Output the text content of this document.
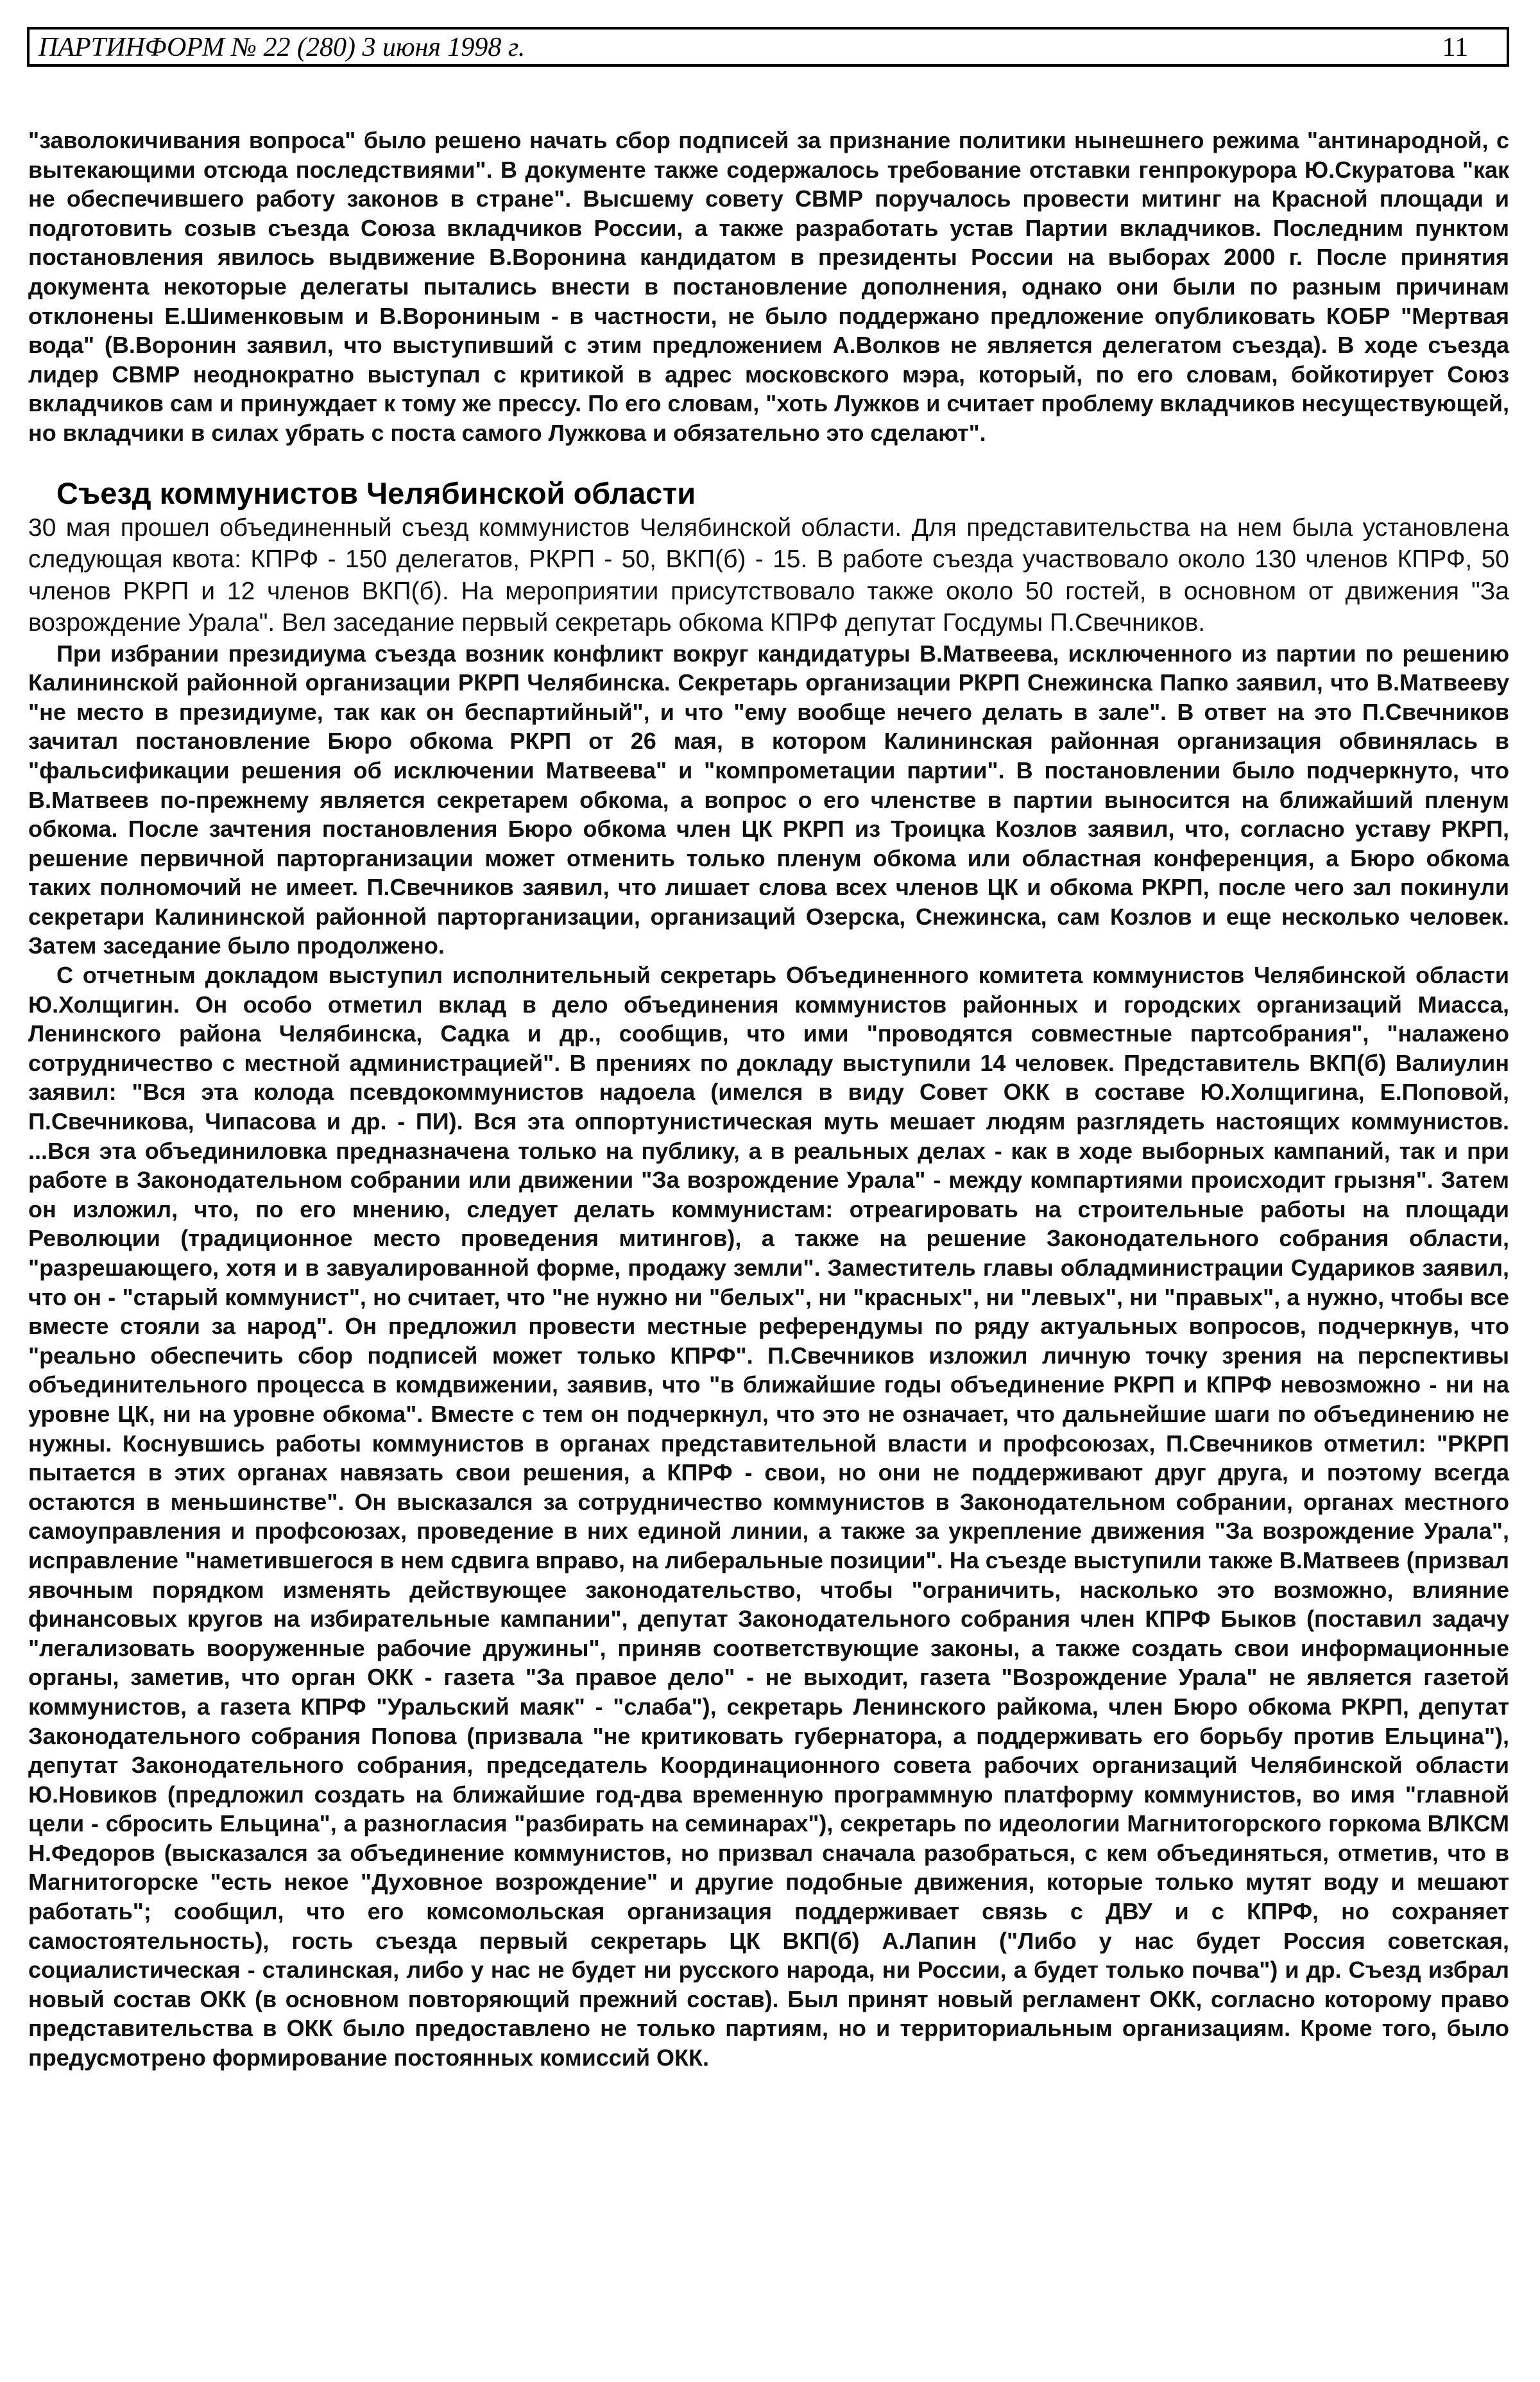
ПАРТИНФОРМ № 22 (280) 3 июня 1998 г.	11

"заволокичивания вопроса" было решено начать сбор подписей за признание политики нынешнего режима "антинародной, с вытекающими отсюда последствиями". В документе также содержалось требование отставки генпрокурора Ю.Скуратова "как не обеспечившего работу законов в стране". Высшему совету СВМР поручалось провести митинг на Красной площади и подготовить созыв съезда Союза вкладчиков России, а также разработать устав Партии вкладчиков. Последним пунктом постановления явилось выдвижение В.Воронина кандидатом в президенты России на выборах 2000 г. После принятия документа некоторые делегаты пытались внести в постановление дополнения, однако они были по разным причинам отклонены Е.Шименковым и В.Ворониным - в частности, не было поддержано предложение опубликовать КОБР "Мертвая вода" (В.Воронин заявил, что выступивший с этим предложением А.Волков не является делегатом съезда). В ходе съезда лидер СВМР неоднократно выступал с критикой в адрес московского мэра, который, по его словам, бойкотирует Союз вкладчиков сам и принуждает к тому же прессу. По его словам, "хоть Лужков и считает проблему вкладчиков несуществующей, но вкладчики в силах убрать с поста самого Лужкова и обязательно это сделают".

Съезд коммунистов Челябинской области

30 мая прошел объединенный съезд коммунистов Челябинской области. Для представительства на нем была установлена следующая квота: КПРФ - 150 делегатов, РКРП - 50, ВКП(б) - 15. В работе съезда участвовало около 130 членов КПРФ, 50 членов РКРП и 12 членов ВКП(б). На мероприятии присутствовало также около 50 гостей, в основном от движения "За возрождение Урала". Вел заседание первый секретарь обкома КПРФ депутат Госдумы П.Свечников.

При избрании президиума съезда возник конфликт вокруг кандидатуры В.Матвеева, исключенного из партии по решению Калининской районной организации РКРП Челябинска. Секретарь организации РКРП Снежинска Папко заявил, что В.Матвееву "не место в президиуме, так как он беспартийный", и что "ему вообще нечего делать в зале". В ответ на это П.Свечников зачитал постановление Бюро обкома РКРП от 26 мая, в котором Калининская районная организация обвинялась в "фальсификации решения об исключении Матвеева" и "компрометации партии". В постановлении было подчеркнуто, что В.Матвеев по-прежнему является секретарем обкома, а вопрос о его членстве в партии выносится на ближайший пленум обкома. После зачтения постановления Бюро обкома член ЦК РКРП из Троицка Козлов заявил, что, согласно уставу РКРП, решение первичной парторганизации может отменить только пленум обкома или областная конференция, а Бюро обкома таких полномочий не имеет. П.Свечников заявил, что лишает слова всех членов ЦК и обкома РКРП, после чего зал покинули секретари Калининской районной парторганизации, организаций Озерска, Снежинска, сам Козлов и еще несколько человек. Затем заседание было продолжено.

С отчетным докладом выступил исполнительный секретарь Объединенного комитета коммунистов Челябинской области Ю.Холщигин. Он особо отметил вклад в дело объединения коммунистов районных и городских организаций Миасса, Ленинского района Челябинска, Садка и др., сообщив, что ими "проводятся совместные партсобрания", "налажено сотрудничество с местной администрацией". В прениях по докладу выступили 14 человек. Представитель ВКП(б) Валиулин заявил: "Вся эта колода псевдокоммунистов надоела (имелся в виду Совет ОКК в составе Ю.Холщигина, Е.Поповой, П.Свечникова, Чипасова и др. - ПИ). Вся эта оппортунистическая муть мешает людям разглядеть настоящих коммунистов. ...Вся эта объединиловка предназначена только на публику, а в реальных делах - как в ходе выборных кампаний, так и при работе в Законодательном собрании или движении "За возрождение Урала" - между компартиями происходит грызня". Затем он изложил, что, по его мнению, следует делать коммунистам: отреагировать на строительные работы на площади Революции (традиционное место проведения митингов), а также на решение Законодательного собрания области, "разрешающего, хотя и в завуалированной форме, продажу земли". Заместитель главы обладминистрации Судариков заявил, что он - "старый коммунист", но считает, что "не нужно ни "белых", ни "красных", ни "левых", ни "правых", а нужно, чтобы все вместе стояли за народ". Он предложил провести местные референдумы по ряду актуальных вопросов, подчеркнув, что "реально обеспечить сбор подписей может только КПРФ". П.Свечников изложил личную точку зрения на перспективы объединительного процесса в комдвижении, заявив, что "в ближайшие годы объединение РКРП и КПРФ невозможно - ни на уровне ЦК, ни на уровне обкома". Вместе с тем он подчеркнул, что это не означает, что дальнейшие шаги по объединению не нужны. Коснувшись работы коммунистов в органах представительной власти и профсоюзах, П.Свечников отметил: "РКРП пытается в этих органах навязать свои решения, а КПРФ - свои, но они не поддерживают друг друга, и поэтому всегда остаются в меньшинстве". Он высказался за сотрудничество коммунистов в Законодательном собрании, органах местного самоуправления и профсоюзах, проведение в них единой линии, а также за укрепление движения "За возрождение Урала", исправление "наметившегося в нем сдвига вправо, на либеральные позиции". На съезде выступили также В.Матвеев (призвал явочным порядком изменять действующее законодательство, чтобы "ограничить, насколько это возможно, влияние финансовых кругов на избирательные кампании", депутат Законодательного собрания член КПРФ Быков (поставил задачу "легализовать вооруженные рабочие дружины", приняв соответствующие законы, а также создать свои информационные органы, заметив, что орган ОКК - газета "За правое дело" - не выходит, газета "Возрождение Урала" не является газетой коммунистов, а газета КПРФ "Уральский маяк" - "слаба"), секретарь Ленинского райкома, член Бюро обкома РКРП, депутат Законодательного собрания Попова (призвала "не критиковать губернатора, а поддерживать его борьбу против Ельцина"), депутат Законодательного собрания, председатель Координационного совета рабочих организаций Челябинской области Ю.Новиков (предложил создать на ближайшие год-два временную программную платформу коммунистов, во имя "главной цели - сбросить Ельцина", а разногласия "разбирать на семинарах"), секретарь по идеологии Магнитогорского горкома ВЛКСМ Н.Федоров (высказался за объединение коммунистов, но призвал сначала разобраться, с кем объединяться, отметив, что в Магнитогорске "есть некое "Духовное возрождение" и другие подобные движения, которые только мутят воду и мешают работать"; сообщил, что его комсомольская организация поддерживает связь с ДВУ и с КПРФ, но сохраняет самостоятельность), гость съезда первый секретарь ЦК ВКП(б) А.Лапин ("Либо у нас будет Россия советская, социалистическая - сталинская, либо у нас не будет ни русского народа, ни России, а будет только почва") и др. Съезд избрал новый состав ОКК (в основном повторяющий прежний состав). Был принят новый регламент ОКК, согласно которому право представительства в ОКК было предоставлено не только партиям, но и территориальным организациям. Кроме того, было предусмотрено формирование постоянных комиссий ОКК.
